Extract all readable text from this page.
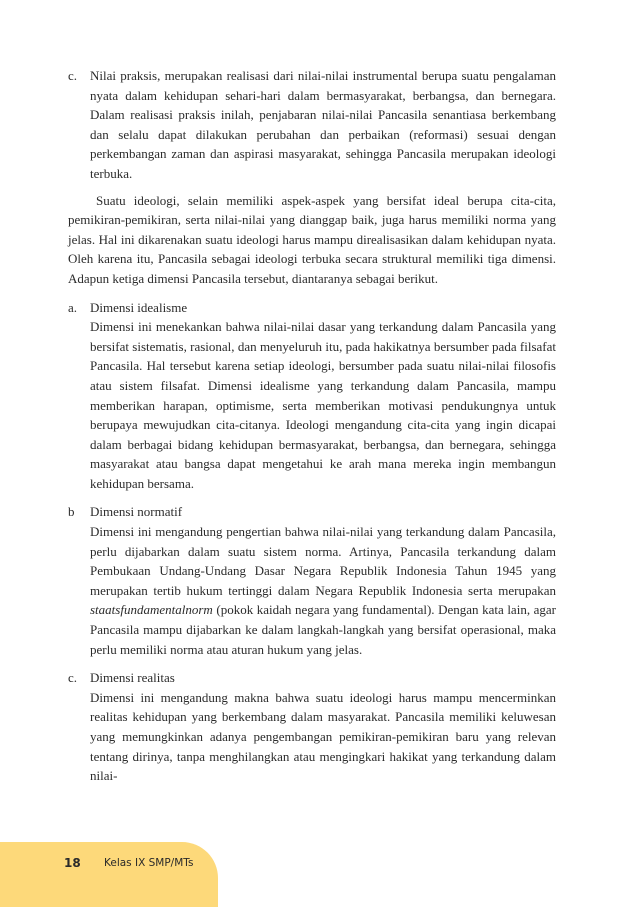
c. Nilai praksis, merupakan realisasi dari nilai-nilai instrumental berupa suatu pengalaman nyata dalam kehidupan sehari-hari dalam bermasyarakat, berbangsa, dan bernegara. Dalam realisasi praksis inilah, penjabaran nilai-nilai Pancasila senantiasa berkembang dan selalu dapat dilakukan perubahan dan perbaikan (reformasi) sesuai dengan perkembangan zaman dan aspirasi masyarakat, sehingga Pancasila merupakan ideologi terbuka.

Suatu ideologi, selain memiliki aspek-aspek yang bersifat ideal berupa cita-cita, pemikiran-pemikiran, serta nilai-nilai yang dianggap baik, juga harus memiliki norma yang jelas. Hal ini dikarenakan suatu ideologi harus mampu direalisasikan dalam kehidupan nyata. Oleh karena itu, Pancasila sebagai ideologi terbuka secara struktural memiliki tiga dimensi. Adapun ketiga dimensi Pancasila tersebut, diantaranya sebagai berikut.

a. Dimensi idealisme
Dimensi ini menekankan bahwa nilai-nilai dasar yang terkandung dalam Pancasila yang bersifat sistematis, rasional, dan menyeluruh itu, pada hakikatnya bersumber pada filsafat Pancasila. Hal tersebut karena setiap ideologi, bersumber pada suatu nilai-nilai filosofis atau sistem filsafat. Dimensi idealisme yang terkandung dalam Pancasila, mampu memberikan harapan, optimisme, serta memberikan motivasi pendukungnya untuk berupaya mewujudkan cita-citanya. Ideologi mengandung cita-cita yang ingin dicapai dalam berbagai bidang kehidupan bermasyarakat, berbangsa, dan bernegara, sehingga masyarakat atau bangsa dapat mengetahui ke arah mana mereka ingin membangun kehidupan bersama.
b Dimensi normatif
Dimensi ini mengandung pengertian bahwa nilai-nilai yang terkandung dalam Pancasila, perlu dijabarkan dalam suatu sistem norma. Artinya, Pancasila terkandung dalam Pembukaan Undang-Undang Dasar Negara Republik Indonesia Tahun 1945 yang merupakan tertib hukum tertinggi dalam Negara Republik Indonesia serta merupakan staatsfundamentalnorm (pokok kaidah negara yang fundamental). Dengan kata lain, agar Pancasila mampu dijabarkan ke dalam langkah-langkah yang bersifat operasional, maka perlu memiliki norma atau aturan hukum yang jelas.
c. Dimensi realitas
Dimensi ini mengandung makna bahwa suatu ideologi harus mampu mencerminkan realitas kehidupan yang berkembang dalam masyarakat. Pancasila memiliki keluwesan yang memungkinkan adanya pengembangan pemikiran-pemikiran baru yang relevan tentang dirinya, tanpa menghilangkan atau mengingkari hakikat yang terkandung dalam nilai-
18 Kelas IX SMP/MTs
